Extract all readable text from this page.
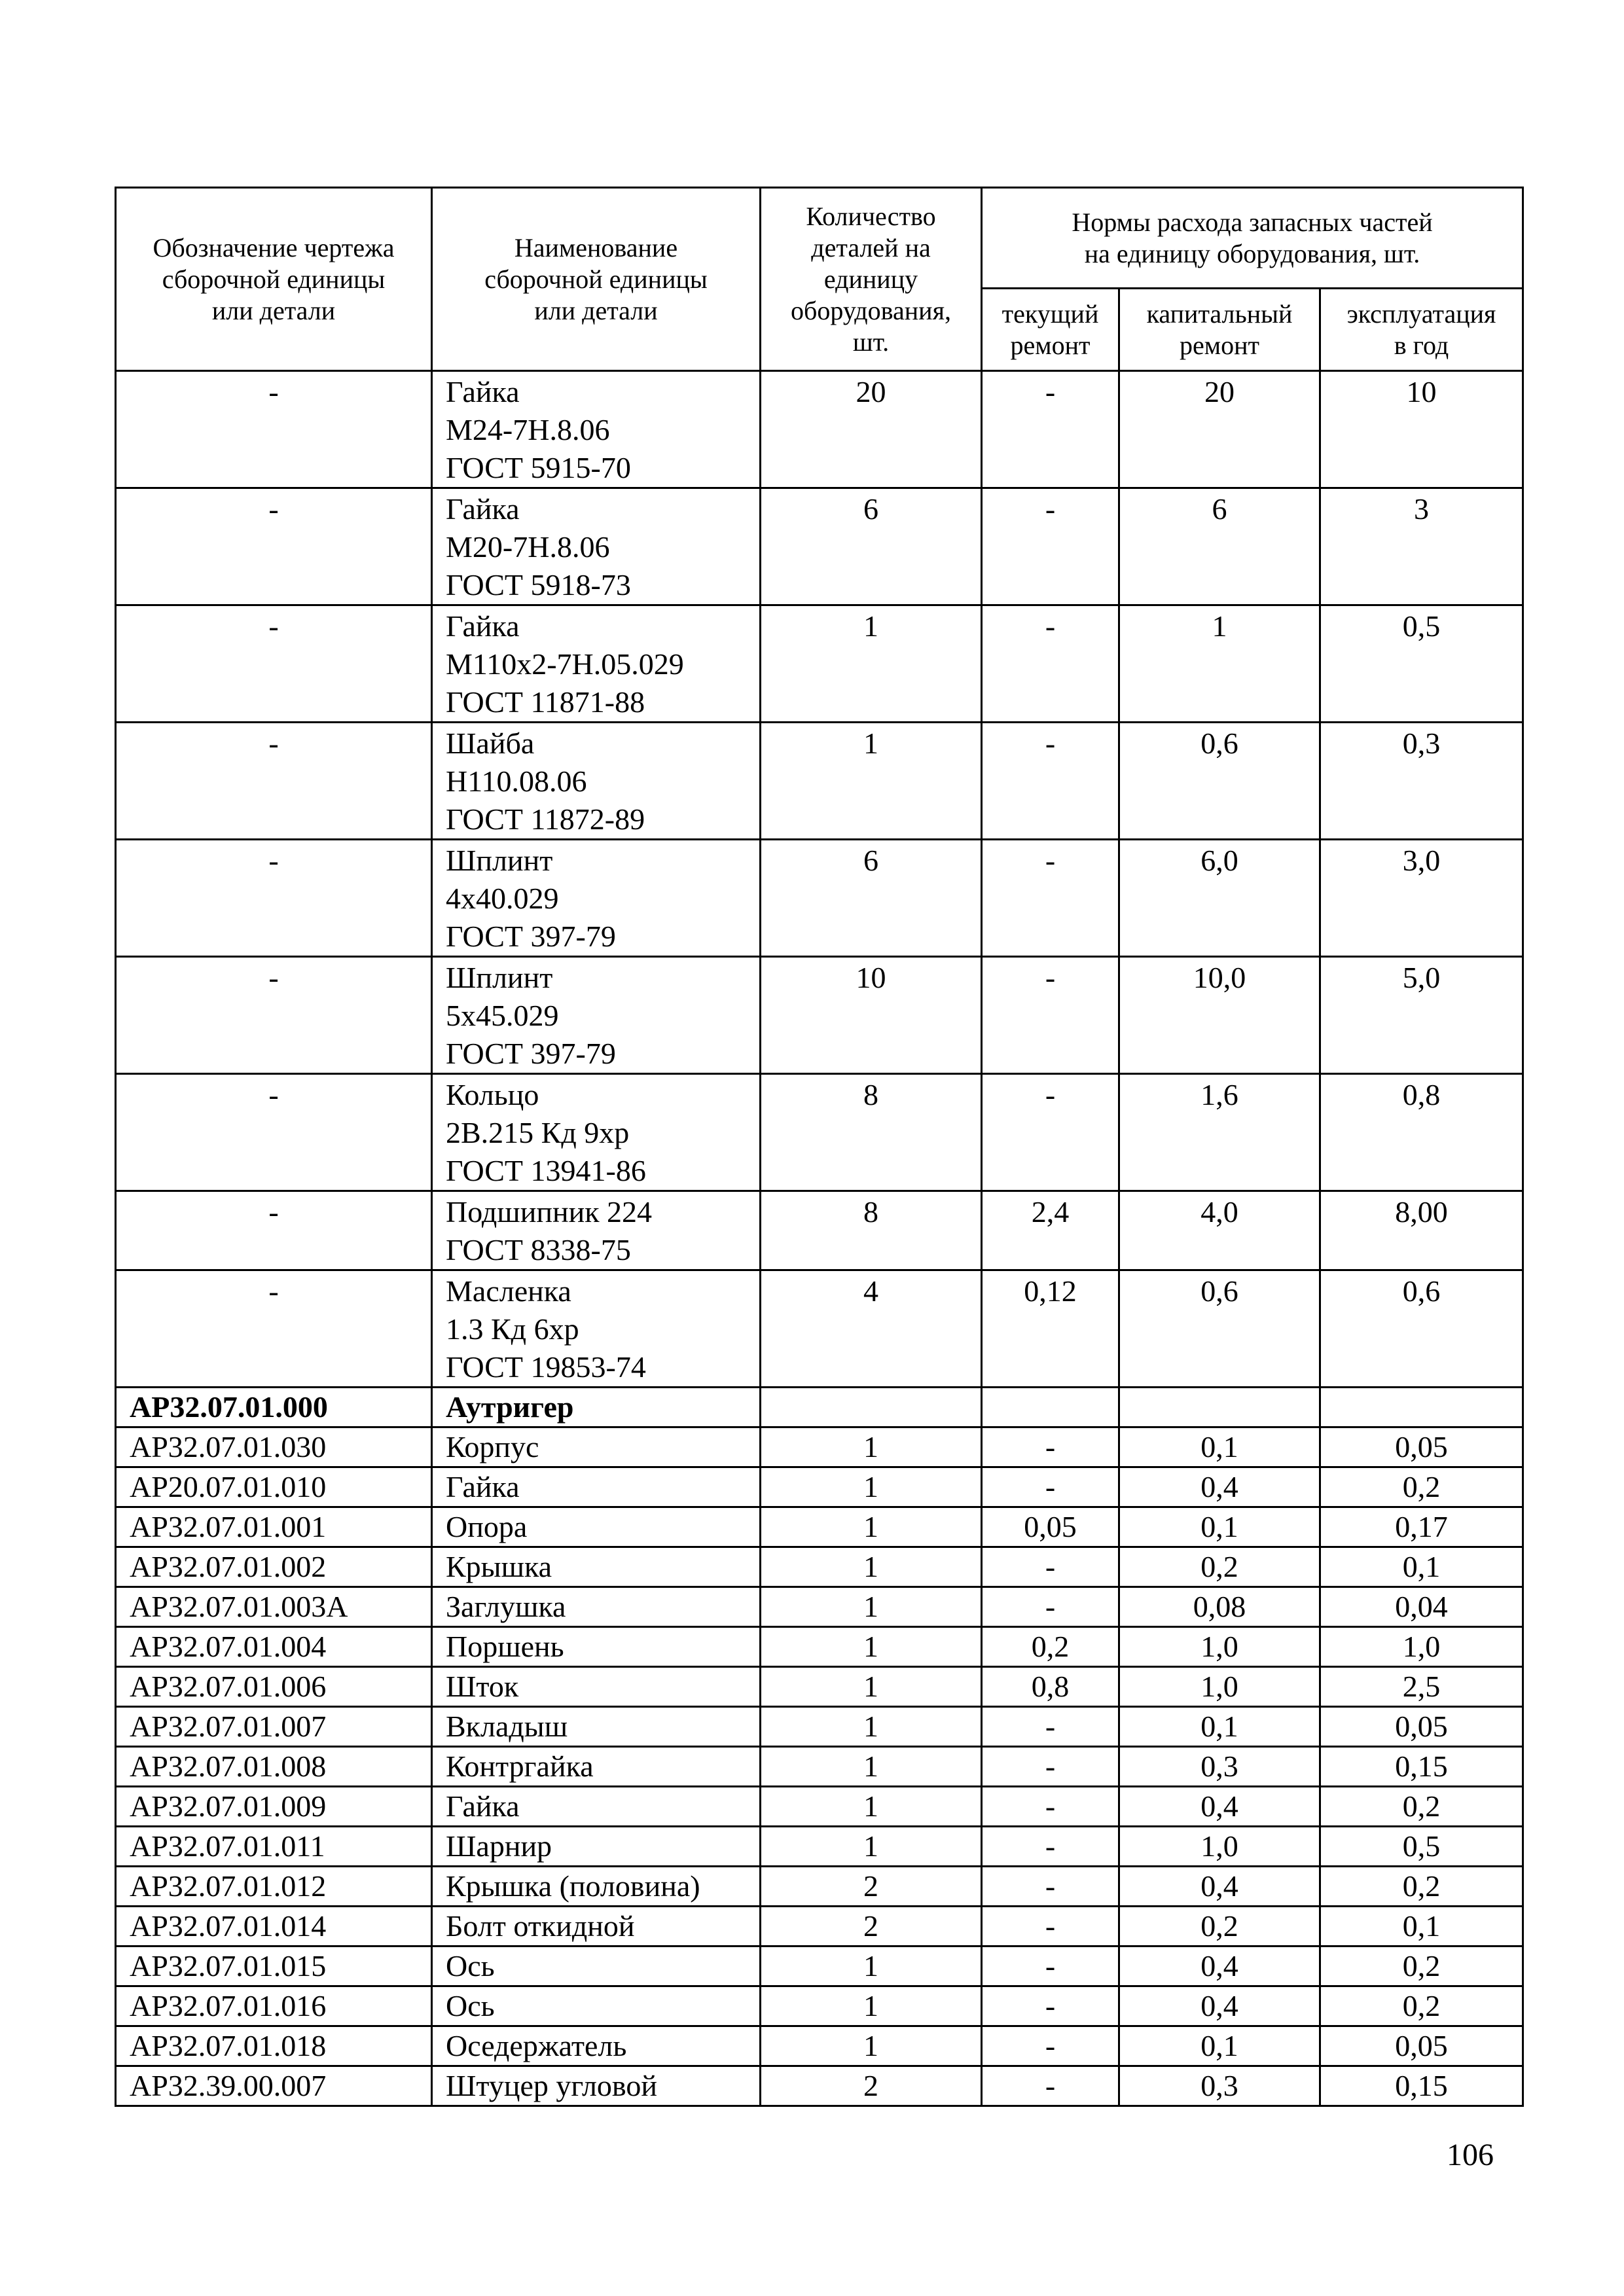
Обозначение чертежа
сборочной единицы
или детали	Наименование
сборочной единицы
или детали	Количество
деталей на
единицу
оборудования,
шт.	Нормы расхода запасных частей
на единицу оборудования, шт.		

			текущий
ремонт	капитальный
ремонт	эксплуатация
в год

-	Гайка
М24-7Н.8.06
ГОСТ 5915-70	20	-	20	10
-	Гайка
М20-7Н.8.06
ГОСТ 5918-73	6	-	6	3
-	Гайка
М110х2-7Н.05.029
ГОСТ 11871-88	1	-	1	0,5
-	Шайба
Н110.08.06
ГОСТ 11872-89	1	-	0,6	0,3
-	Шплинт
4х40.029
ГОСТ 397-79	6	-	6,0	3,0
-	Шплинт
5х45.029
ГОСТ 397-79	10	-	10,0	5,0
-	Кольцо
2В.215 Кд 9хр
ГОСТ 13941-86	8	-	1,6	0,8
-	Подшипник 224
ГОСТ 8338-75	8	2,4	4,0	8,00
-	Масленка
1.3 Кд 6хр
ГОСТ 19853-74	4	0,12	0,6	0,6
АР32.07.01.000	Аутригер				
АР32.07.01.030	Корпус	1	-	0,1	0,05
АР20.07.01.010	Гайка	1	-	0,4	0,2
АР32.07.01.001	Опора	1	0,05	0,1	0,17
АР32.07.01.002	Крышка	1	-	0,2	0,1
АР32.07.01.003А	Заглушка	1	-	0,08	0,04
АР32.07.01.004	Поршень	1	0,2	1,0	1,0
АР32.07.01.006	Шток	1	0,8	1,0	2,5
АР32.07.01.007	Вкладыш	1	-	0,1	0,05
АР32.07.01.008	Контргайка	1	-	0,3	0,15
АР32.07.01.009	Гайка	1	-	0,4	0,2
АР32.07.01.011	Шарнир	1	-	1,0	0,5
АР32.07.01.012	Крышка (половина)	2	-	0,4	0,2
АР32.07.01.014	Болт откидной	2	-	0,2	0,1
АР32.07.01.015	Ось	1	-	0,4	0,2
АР32.07.01.016	Ось	1	-	0,4	0,2
АР32.07.01.018	Оседержатель	1	-	0,1	0,05
АР32.39.00.007	Штуцер угловой	2	-	0,3	0,15
106
